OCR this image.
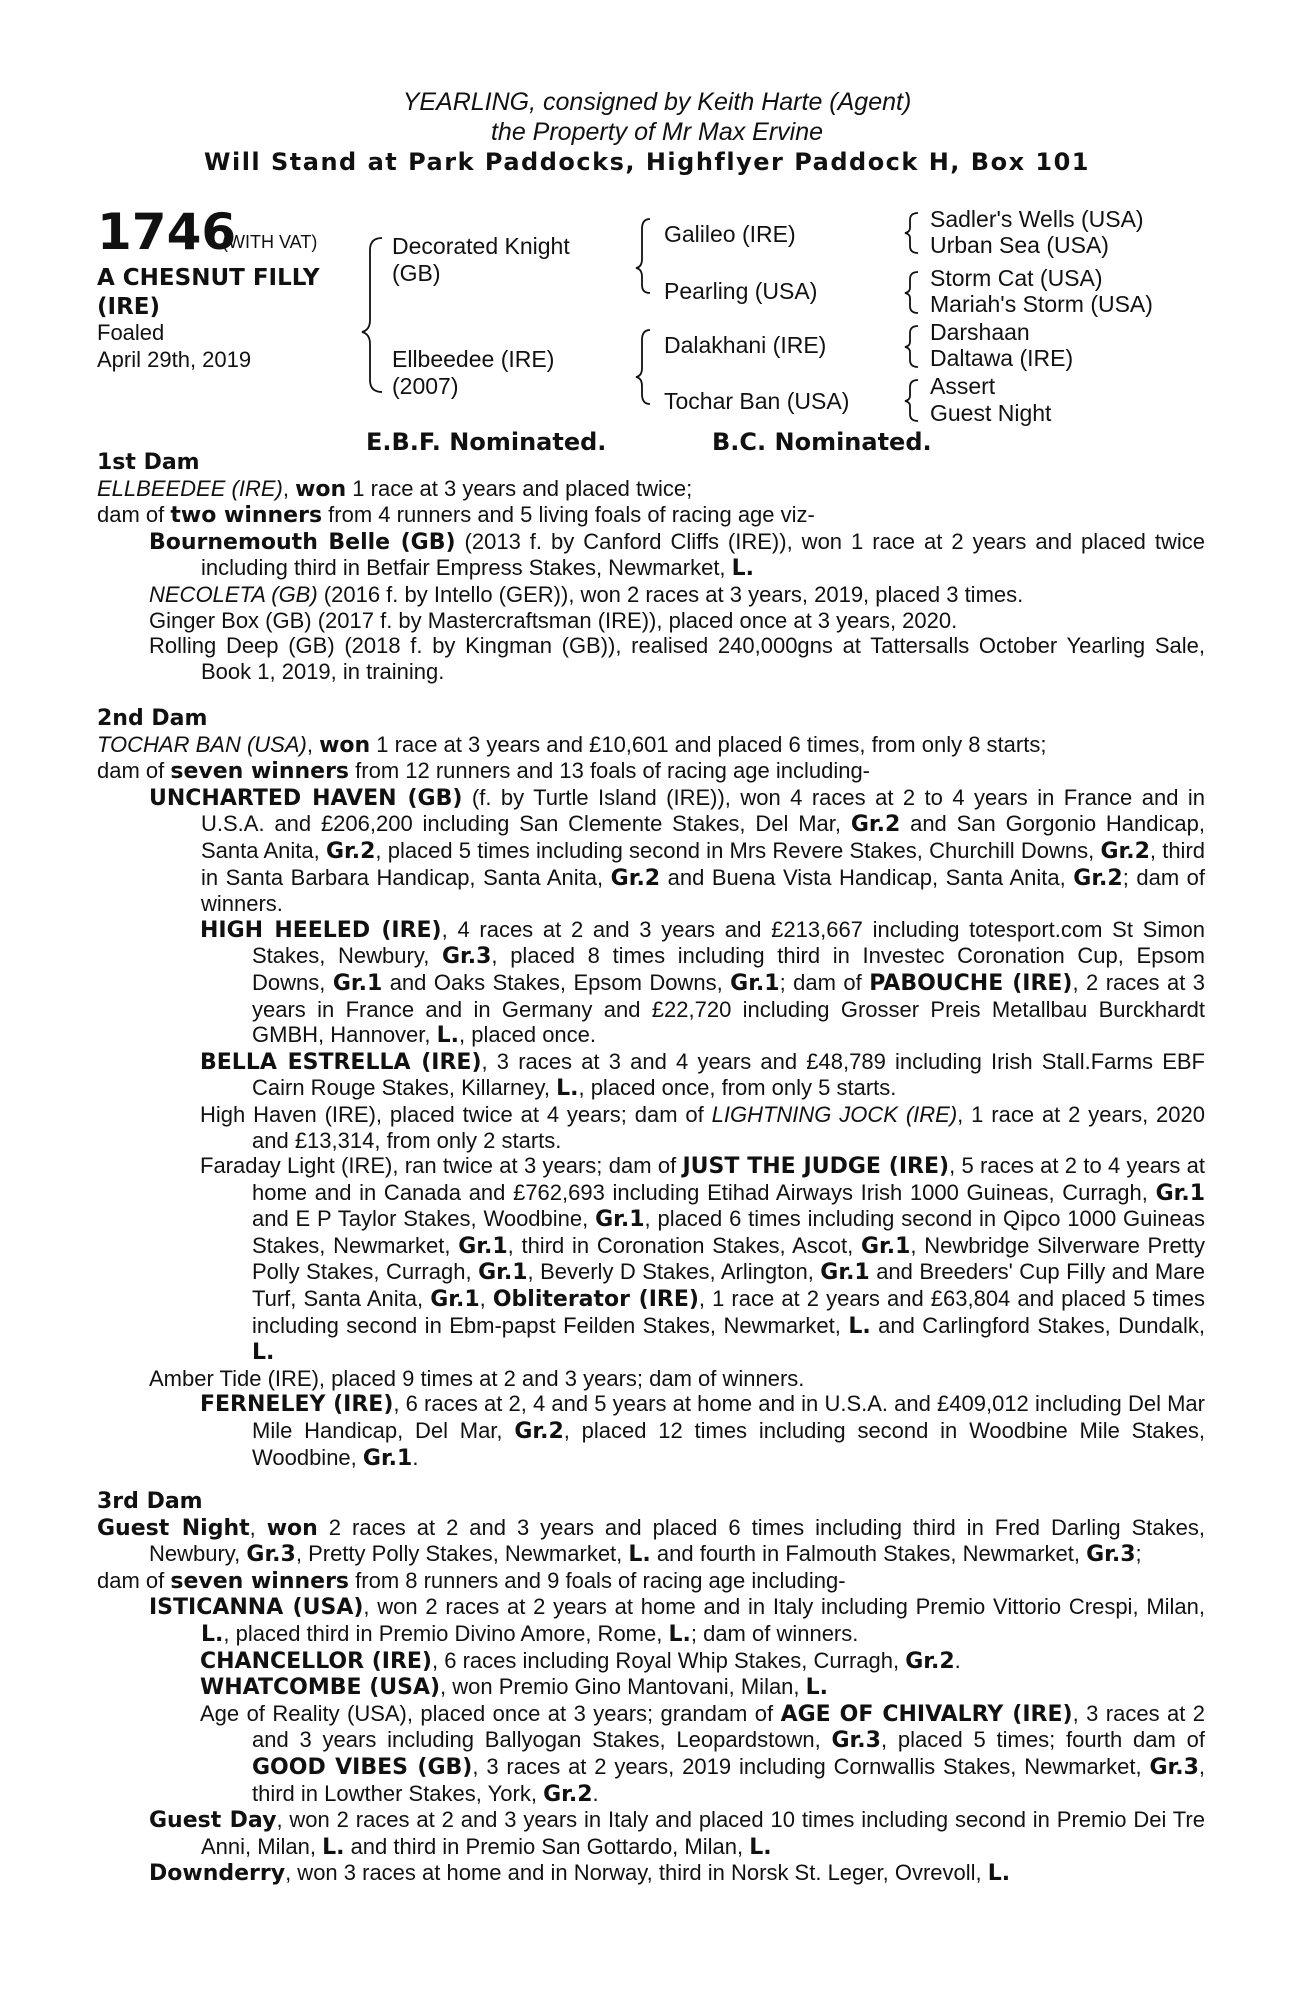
YEARLING, consigned by Keith Harte (Agent)
the Property of Mr Max Ervine
Will Stand at Park Paddocks, Highflyer Paddock H, Box 101
1746
(WITH VAT)
A CHESNUT FILLY
(IRE)
Foaled
April 29th, 2019
Decorated Knight
(GB)
Ellbeedee (IRE)
(2007)
Galileo (IRE)
Pearling (USA)
Dalakhani (IRE)
Tochar Ban (USA)
Sadler's Wells (USA)
Urban Sea (USA)
Storm Cat (USA)
Mariah's Storm (USA)
Darshaan
Daltawa (IRE)
Assert
Guest Night
E.B.F. Nominated.	B.C. Nominated.
1st Dam
ELLBEEDEE (IRE), won 1 race at 3 years and placed twice;
dam of two winners from 4 runners and 5 living foals of racing age viz-
Bournemouth Belle (GB) (2013 f. by Canford Cliffs (IRE)), won 1 race at 2 years and placed twice including third in Betfair Empress Stakes, Newmarket, L.
NECOLETA (GB) (2016 f. by Intello (GER)), won 2 races at 3 years, 2019, placed 3 times.
Ginger Box (GB) (2017 f. by Mastercraftsman (IRE)), placed once at 3 years, 2020.
Rolling Deep (GB) (2018 f. by Kingman (GB)), realised 240,000gns at Tattersalls October Yearling Sale, Book 1, 2019, in training.
2nd Dam
TOCHAR BAN (USA), won 1 race at 3 years and £10,601 and placed 6 times, from only 8 starts;
dam of seven winners from 12 runners and 13 foals of racing age including-
UNCHARTED HAVEN (GB) (f. by Turtle Island (IRE)), won 4 races at 2 to 4 years in France and in U.S.A. and £206,200 including San Clemente Stakes, Del Mar, Gr.2 and San Gorgonio Handicap, Santa Anita, Gr.2, placed 5 times including second in Mrs Revere Stakes, Churchill Downs, Gr.2, third in Santa Barbara Handicap, Santa Anita, Gr.2 and Buena Vista Handicap, Santa Anita, Gr.2; dam of winners.
HIGH HEELED (IRE), 4 races at 2 and 3 years and £213,667 including totesport.com St Simon Stakes, Newbury, Gr.3, placed 8 times including third in Investec Coronation Cup, Epsom Downs, Gr.1 and Oaks Stakes, Epsom Downs, Gr.1; dam of PABOUCHE (IRE), 2 races at 3 years in France and in Germany and £22,720 including Grosser Preis Metallbau Burckhardt GMBH, Hannover, L., placed once.
BELLA ESTRELLA (IRE), 3 races at 3 and 4 years and £48,789 including Irish Stall.Farms EBF Cairn Rouge Stakes, Killarney, L., placed once, from only 5 starts.
High Haven (IRE), placed twice at 4 years; dam of LIGHTNING JOCK (IRE), 1 race at 2 years, 2020 and £13,314, from only 2 starts.
Faraday Light (IRE), ran twice at 3 years; dam of JUST THE JUDGE (IRE), 5 races at 2 to 4 years at home and in Canada and £762,693 including Etihad Airways Irish 1000 Guineas, Curragh, Gr.1 and E P Taylor Stakes, Woodbine, Gr.1, placed 6 times including second in Qipco 1000 Guineas Stakes, Newmarket, Gr.1, third in Coronation Stakes, Ascot, Gr.1, Newbridge Silverware Pretty Polly Stakes, Curragh, Gr.1, Beverly D Stakes, Arlington, Gr.1 and Breeders' Cup Filly and Mare Turf, Santa Anita, Gr.1, Obliterator (IRE), 1 race at 2 years and £63,804 and placed 5 times including second in Ebm-papst Feilden Stakes, Newmarket, L. and Carlingford Stakes, Dundalk, L.
Amber Tide (IRE), placed 9 times at 2 and 3 years; dam of winners.
FERNELEY (IRE), 6 races at 2, 4 and 5 years at home and in U.S.A. and £409,012 including Del Mar Mile Handicap, Del Mar, Gr.2, placed 12 times including second in Woodbine Mile Stakes, Woodbine, Gr.1.
3rd Dam
Guest Night, won 2 races at 2 and 3 years and placed 6 times including third in Fred Darling Stakes, Newbury, Gr.3, Pretty Polly Stakes, Newmarket, L. and fourth in Falmouth Stakes, Newmarket, Gr.3;
dam of seven winners from 8 runners and 9 foals of racing age including-
ISTICANNA (USA), won 2 races at 2 years at home and in Italy including Premio Vittorio Crespi, Milan, L., placed third in Premio Divino Amore, Rome, L.; dam of winners.
CHANCELLOR (IRE), 6 races including Royal Whip Stakes, Curragh, Gr.2.
WHATCOMBE (USA), won Premio Gino Mantovani, Milan, L.
Age of Reality (USA), placed once at 3 years; grandam of AGE OF CHIVALRY (IRE), 3 races at 2 and 3 years including Ballyogan Stakes, Leopardstown, Gr.3, placed 5 times; fourth dam of GOOD VIBES (GB), 3 races at 2 years, 2019 including Cornwallis Stakes, Newmarket, Gr.3, third in Lowther Stakes, York, Gr.2.
Guest Day, won 2 races at 2 and 3 years in Italy and placed 10 times including second in Premio Dei Tre Anni, Milan, L. and third in Premio San Gottardo, Milan, L.
Downderry, won 3 races at home and in Norway, third in Norsk St. Leger, Ovrevoll, L.
